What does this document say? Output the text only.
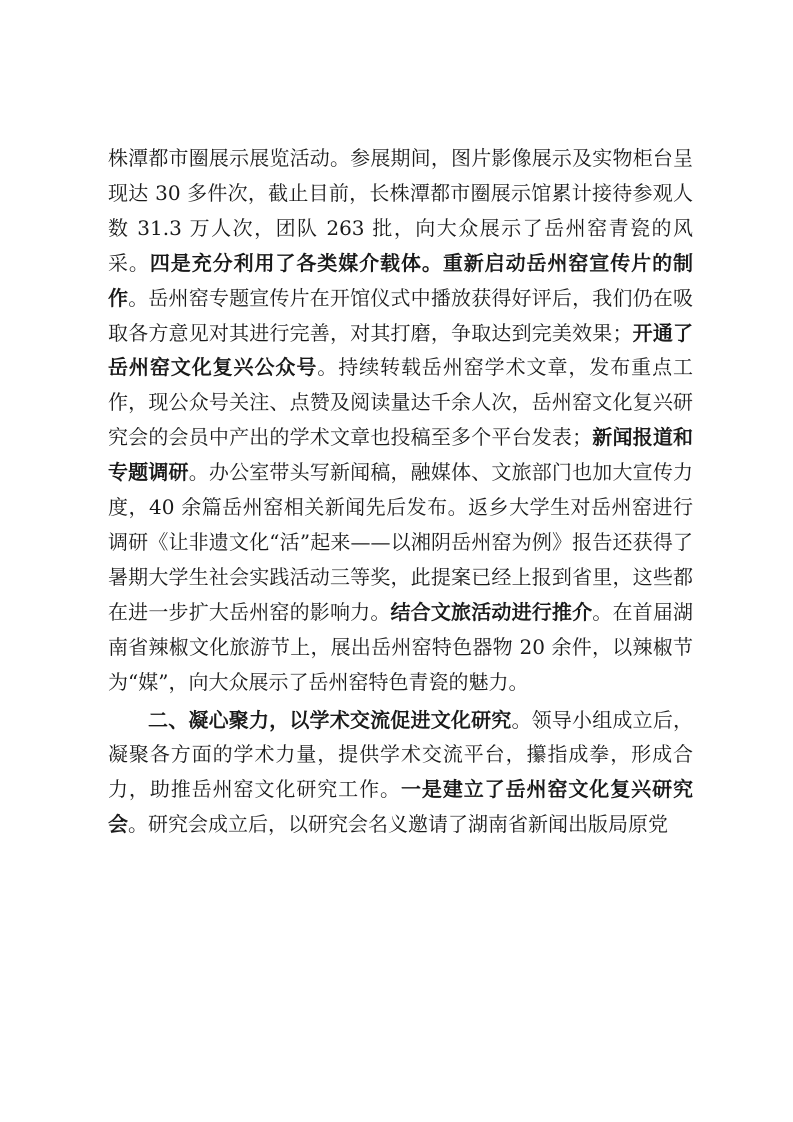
株潭都市圈展示展览活动。参展期间，图片影像展示及实物柜台呈现达 30 多件次，截止目前，长株潭都市圈展示馆累计接待参观人数 31.3 万人次，团队 263 批，向大众展示了岳州窑青瓷的风采。四是充分利用了各类媒介载体。重新启动岳州窑宣传片的制作。岳州窑专题宣传片在开馆仪式中播放获得好评后，我们仍在吸取各方意见对其进行完善，对其打磨，争取达到完美效果；开通了岳州窑文化复兴公众号。持续转载岳州窑学术文章，发布重点工作，现公众号关注、点赞及阅读量达千余人次，岳州窑文化复兴研究会的会员中产出的学术文章也投稿至多个平台发表；新闻报道和专题调研。办公室带头写新闻稿，融媒体、文旅部门也加大宣传力度，40 余篇岳州窑相关新闻先后发布。返乡大学生对岳州窑进行调研《让非遗文化“活”起来——以湘阴岳州窑为例》报告还获得了暑期大学生社会实践活动三等奖，此提案已经上报到省里，这些都在进一步扩大岳州窑的影响力。结合文旅活动进行推介。在首届湖南省辣椒文化旅游节上，展出岳州窑特色器物 20 余件，以辣椒节为“媒”，向大众展示了岳州窑特色青瓷的魅力。

二、凝心聚力，以学术交流促进文化研究。领导小组成立后，凝聚各方面的学术力量，提供学术交流平台，攥指成拳，形成合力，助推岳州窑文化研究工作。一是建立了岳州窑文化复兴研究会。研究会成立后，以研究会名义邀请了湖南省新闻出版局原党
